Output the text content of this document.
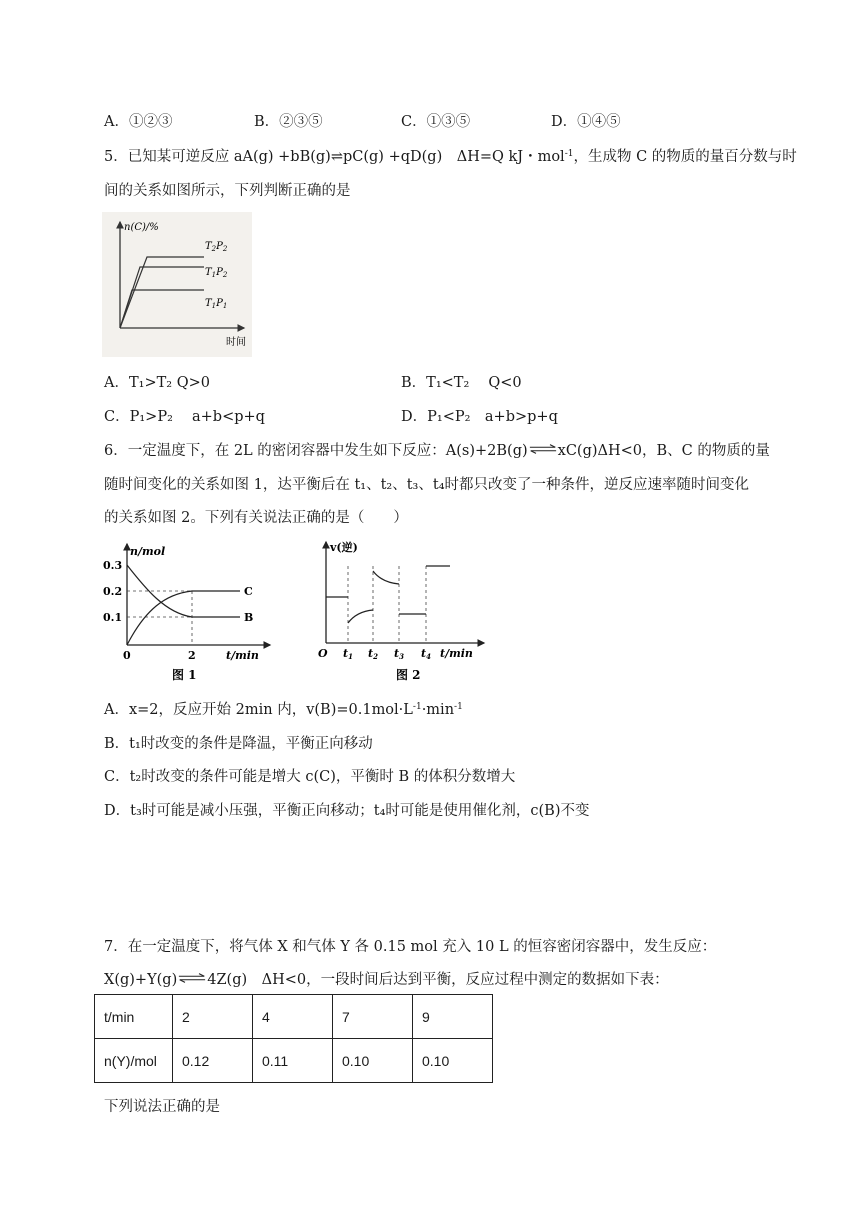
A．①②③	B．②③⑤	C．①③⑤	D．①④⑤
5．已知某可逆反应 aA(g) +bB(g)⇌pC(g) +qD(g)　ΔH=Q kJ・mol$^{-1}$，生成物 C 的物质的量百分数与时
间的关系如图所示，下列判断正确的是
n(C)/%
时间
$T_2P_2$
$T_1P_2$
$T_1P_1$
A．T₁>T₂ Q>0	B．T₁<T₂　 Q<0
C．P₁>P₂　 a+b<p+q	D．P₁<P₂　a+b>p+q
6．一定温度下，在 2L 的密闭容器中发生如下反应：A(s)+2B(g)⇌xC(g)ΔH<0，B、C 的物质的量
随时间变化的关系如图 1，达平衡后在 t₁、t₂、t₃、t₄时都只改变了一种条件，逆反应速率随时间变化
的关系如图 2。下列有关说法正确的是（　　）
n/mol
0.3
0.2
0.1
C
B
0	2	t/min
图 1
v(逆)
O t1 t2 t3 t4 t/min
图 2
A．x=2，反应开始 2min 内，$v(B)=0.1mol\cdot L^{-1}\cdot\min^{-1}$
B．t₁时改变的条件是降温，平衡正向移动
C．t₂时改变的条件可能是增大 c(C)，平衡时 B 的体积分数增大
D．t₃时可能是减小压强，平衡正向移动；t₄时可能是使用催化剂，c(B)不变
7．在一定温度下，将气体 X 和气体 Y 各 0.15 mol 充入 10 L 的恒容密闭容器中，发生反应：
X(g)+Y(g)⇌4Z(g)　ΔH<0，一段时间后达到平衡，反应过程中测定的数据如下表：
t/min	2	4	7	9
n(Y)/mol	0.12	0.11	0.10	0.10
下列说法正确的是
